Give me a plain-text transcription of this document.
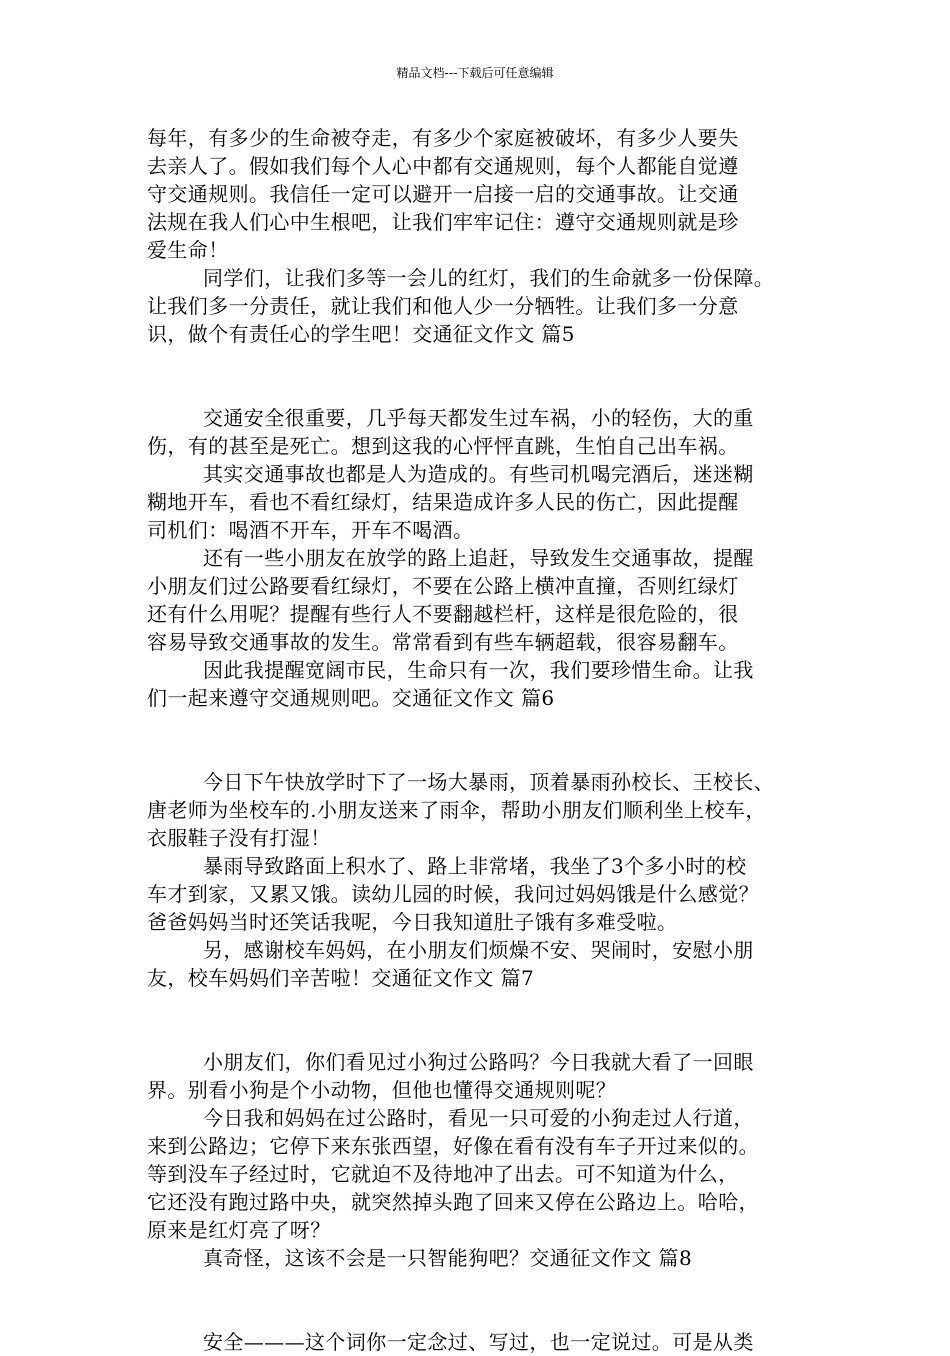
精品文档---下载后可任意编辑
每年，有多少的生命被夺走，有多少个家庭被破坏，有多少人要失
去亲人了。假如我们每个人心中都有交通规则，每个人都能自觉遵
守交通规则。我信任一定可以避开一启接一启的交通事故。让交通
法规在我人们心中生根吧，让我们牢牢记住：遵守交通规则就是珍
爱生命！
同学们，让我们多等一会儿的红灯，我们的生命就多一份保障。
让我们多一分责任，就让我们和他人少一分牺牲。让我们多一分意
识，做个有责任心的学生吧！交通征文作文 篇5
交通安全很重要，几乎每天都发生过车祸，小的轻伤，大的重
伤，有的甚至是死亡。想到这我的心怦怦直跳，生怕自己出车祸。
其实交通事故也都是人为造成的。有些司机喝完酒后，迷迷糊
糊地开车，看也不看红绿灯，结果造成许多人民的伤亡，因此提醒
司机们：喝酒不开车，开车不喝酒。
还有一些小朋友在放学的路上追赶，导致发生交通事故，提醒
小朋友们过公路要看红绿灯，不要在公路上横冲直撞，否则红绿灯
还有什么用呢？提醒有些行人不要翻越栏杆，这样是很危险的，很
容易导致交通事故的发生。常常看到有些车辆超载，很容易翻车。
因此我提醒宽阔市民，生命只有一次，我们要珍惜生命。让我
们一起来遵守交通规则吧。交通征文作文 篇6
今日下午快放学时下了一场大暴雨，顶着暴雨孙校长、王校长、
唐老师为坐校车的.小朋友送来了雨伞，帮助小朋友们顺利坐上校车，
衣服鞋子没有打湿！
暴雨导致路面上积水了、路上非常堵，我坐了3个多小时的校
车才到家，又累又饿。读幼儿园的时候，我问过妈妈饿是什么感觉？
爸爸妈妈当时还笑话我呢，今日我知道肚子饿有多难受啦。
另，感谢校车妈妈，在小朋友们烦燥不安、哭闹时，安慰小朋
友，校车妈妈们辛苦啦！交通征文作文 篇7
小朋友们，你们看见过小狗过公路吗？今日我就大看了一回眼
界。别看小狗是个小动物，但他也懂得交通规则呢？
今日我和妈妈在过公路时，看见一只可爱的小狗走过人行道，
来到公路边；它停下来东张西望，好像在看有没有车子开过来似的。
等到没车子经过时，它就迫不及待地冲了出去。可不知道为什么，
它还没有跑过路中央，就突然掉头跑了回来又停在公路边上。哈哈，
原来是红灯亮了呀？
真奇怪，这该不会是一只智能狗吧？交通征文作文 篇8
安全———这个词你一定念过、写过，也一定说过。可是从类
